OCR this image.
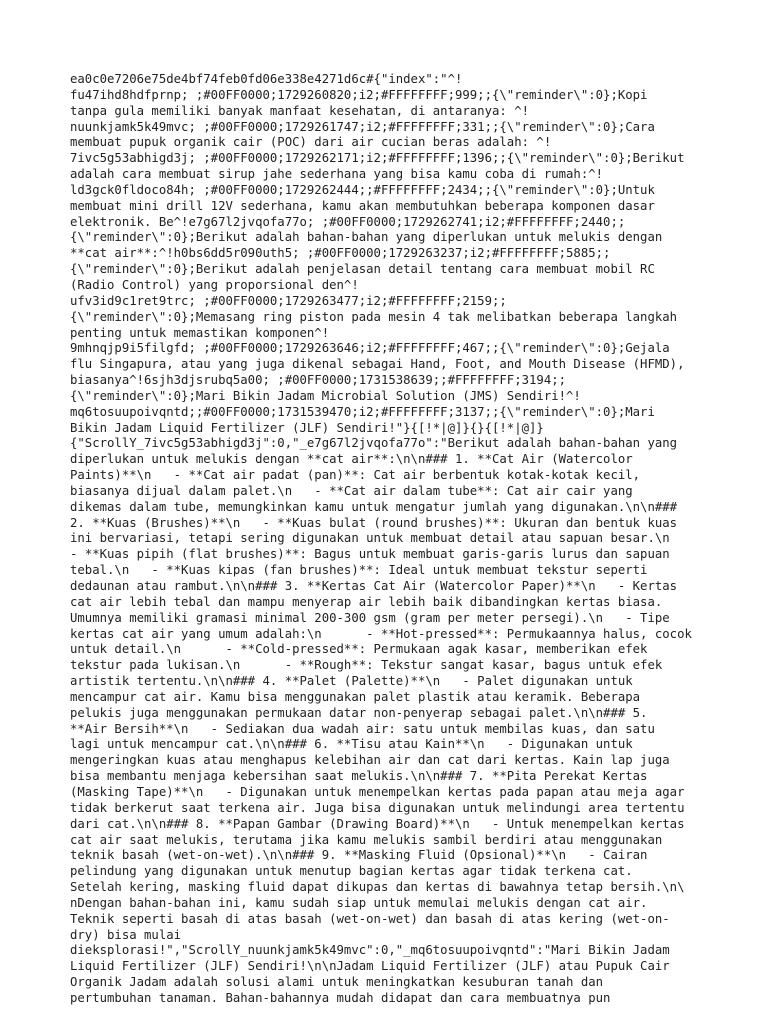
ea0c0e7206e75de4bf74feb0fd06e338e4271d6c#{"index":"^!
fu47ihd8hdfprnp; ;#00FF0000;1729260820;i2;#FFFFFFFF;999;;{\"reminder\":0};Kopi
tanpa gula memiliki banyak manfaat kesehatan, di antaranya: ^!
nuunkjamk5k49mvc; ;#00FF0000;1729261747;i2;#FFFFFFFF;331;;{\"reminder\":0};Cara
membuat pupuk organik cair (POC) dari air cucian beras adalah: ^!
7ivc5g53abhigd3j; ;#00FF0000;1729262171;i2;#FFFFFFFF;1396;;{\"reminder\":0};Berikut
adalah cara membuat sirup jahe sederhana yang bisa kamu coba di rumah:^!
ld3gck0fldoco84h; ;#00FF0000;1729262444;;#FFFFFFFF;2434;;{\"reminder\":0};Untuk
membuat mini drill 12V sederhana, kamu akan membutuhkan beberapa komponen dasar
elektronik. Be^!e7g67l2jvqofa77o; ;#00FF0000;1729262741;i2;#FFFFFFFF;2440;;
{\"reminder\":0};Berikut adalah bahan-bahan yang diperlukan untuk melukis dengan
**cat air**:^!h0bs6dd5r090uth5; ;#00FF0000;1729263237;i2;#FFFFFFFF;5885;;
{\"reminder\":0};Berikut adalah penjelasan detail tentang cara membuat mobil RC
(Radio Control) yang proporsional den^!
ufv3id9c1ret9trc; ;#00FF0000;1729263477;i2;#FFFFFFFF;2159;;
{\"reminder\":0};Memasang ring piston pada mesin 4 tak melibatkan beberapa langkah
penting untuk memastikan komponen^!
9mhnqjp9i5filgfd; ;#00FF0000;1729263646;i2;#FFFFFFFF;467;;{\"reminder\":0};Gejala
flu Singapura, atau yang juga dikenal sebagai Hand, Foot, and Mouth Disease (HFMD),
biasanya^!6sjh3djsrubq5a00; ;#00FF0000;1731538639;;#FFFFFFFF;3194;;
{\"reminder\":0};Mari Bikin Jadam Microbial Solution (JMS) Sendiri!^!
mq6tosuupoivqntd;;#00FF0000;1731539470;i2;#FFFFFFFF;3137;;{\"reminder\":0};Mari
Bikin Jadam Liquid Fertilizer (JLF) Sendiri!"}{[!*|@]}{}{[!*|@]}
{"ScrollY_7ivc5g53abhigd3j":0,"_e7g67l2jvqofa77o":"Berikut adalah bahan-bahan yang
diperlukan untuk melukis dengan **cat air**:\n\n### 1. **Cat Air (Watercolor
Paints)**\n   - **Cat air padat (pan)**: Cat air berbentuk kotak-kotak kecil,
biasanya dijual dalam palet.\n   - **Cat air dalam tube**: Cat air cair yang
dikemas dalam tube, memungkinkan kamu untuk mengatur jumlah yang digunakan.\n\n###
2. **Kuas (Brushes)**\n   - **Kuas bulat (round brushes)**: Ukuran dan bentuk kuas
ini bervariasi, tetapi sering digunakan untuk membuat detail atau sapuan besar.\n
- **Kuas pipih (flat brushes)**: Bagus untuk membuat garis-garis lurus dan sapuan
tebal.\n   - **Kuas kipas (fan brushes)**: Ideal untuk membuat tekstur seperti
dedaunan atau rambut.\n\n### 3. **Kertas Cat Air (Watercolor Paper)**\n   - Kertas
cat air lebih tebal dan mampu menyerap air lebih baik dibandingkan kertas biasa.
Umumnya memiliki gramasi minimal 200-300 gsm (gram per meter persegi).\n   - Tipe
kertas cat air yang umum adalah:\n      - **Hot-pressed**: Permukaannya halus, cocok
untuk detail.\n      - **Cold-pressed**: Permukaan agak kasar, memberikan efek
tekstur pada lukisan.\n      - **Rough**: Tekstur sangat kasar, bagus untuk efek
artistik tertentu.\n\n### 4. **Palet (Palette)**\n   - Palet digunakan untuk
mencampur cat air. Kamu bisa menggunakan palet plastik atau keramik. Beberapa
pelukis juga menggunakan permukaan datar non-penyerap sebagai palet.\n\n### 5.
**Air Bersih**\n   - Sediakan dua wadah air: satu untuk membilas kuas, dan satu
lagi untuk mencampur cat.\n\n### 6. **Tisu atau Kain**\n   - Digunakan untuk
mengeringkan kuas atau menghapus kelebihan air dan cat dari kertas. Kain lap juga
bisa membantu menjaga kebersihan saat melukis.\n\n### 7. **Pita Perekat Kertas
(Masking Tape)**\n   - Digunakan untuk menempelkan kertas pada papan atau meja agar
tidak berkerut saat terkena air. Juga bisa digunakan untuk melindungi area tertentu
dari cat.\n\n### 8. **Papan Gambar (Drawing Board)**\n   - Untuk menempelkan kertas
cat air saat melukis, terutama jika kamu melukis sambil berdiri atau menggunakan
teknik basah (wet-on-wet).\n\n### 9. **Masking Fluid (Opsional)**\n   - Cairan
pelindung yang digunakan untuk menutup bagian kertas agar tidak terkena cat.
Setelah kering, masking fluid dapat dikupas dan kertas di bawahnya tetap bersih.\n\
nDengan bahan-bahan ini, kamu sudah siap untuk memulai melukis dengan cat air.
Teknik seperti basah di atas basah (wet-on-wet) dan basah di atas kering (wet-on-
dry) bisa mulai
dieksplorasi!","ScrollY_nuunkjamk5k49mvc":0,"_mq6tosuupoivqntd":"Mari Bikin Jadam
Liquid Fertilizer (JLF) Sendiri!\n\nJadam Liquid Fertilizer (JLF) atau Pupuk Cair
Organik Jadam adalah solusi alami untuk meningkatkan kesuburan tanah dan
pertumbuhan tanaman. Bahan-bahannya mudah didapat dan cara membuatnya pun
